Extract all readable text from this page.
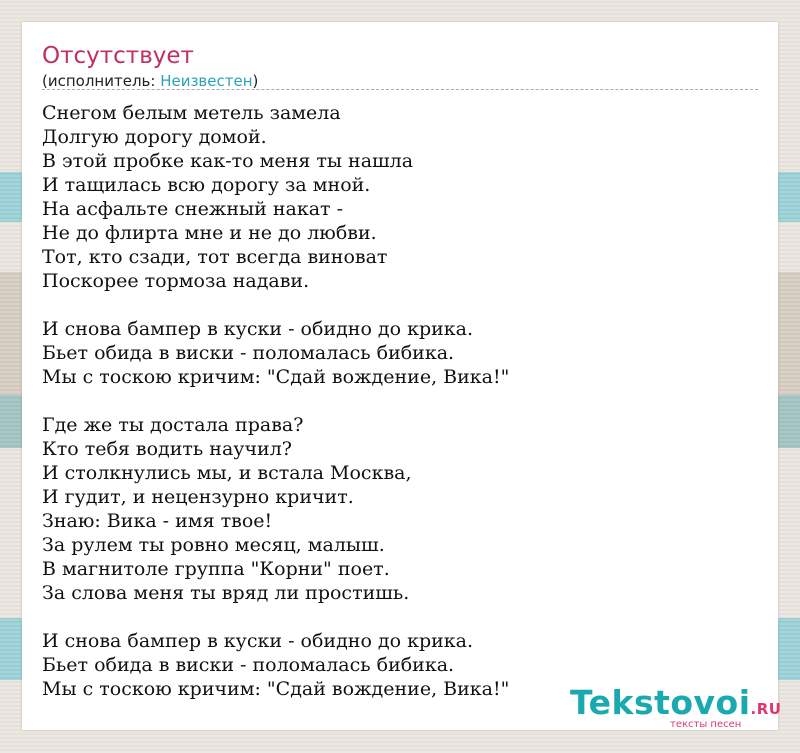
Отсутствует
(исполнитель: Неизвестен)
Снегом белым метель замела
Долгую дорогу домой.
В этой пробке как-то меня ты нашла
И тащилась всю дорогу за мной.
На асфальте снежный накат -
Не до флирта мне и не до любви.
Тот, кто сзади, тот всегда виноват
Поскорее тормоза надави.
И снова бампер в куски - обидно до крика.
Бьет обида в виски - поломалась бибика.
Мы с тоскою кричим: "Сдай вождение, Вика!"
Где же ты достала права?
Кто тебя водить научил?
И столкнулись мы, и встала Москва,
И гудит, и нецензурно кричит.
Знаю: Вика - имя твое!
За рулем ты ровно месяц, малыш.
В магнитоле группа "Корни" поет.
За слова меня ты вряд ли простишь.
И снова бампер в куски - обидно до крика.
Бьет обида в виски - поломалась бибика.
Мы с тоскою кричим: "Сдай вождение, Вика!"	Tekstovoi.RU
тексты песен
